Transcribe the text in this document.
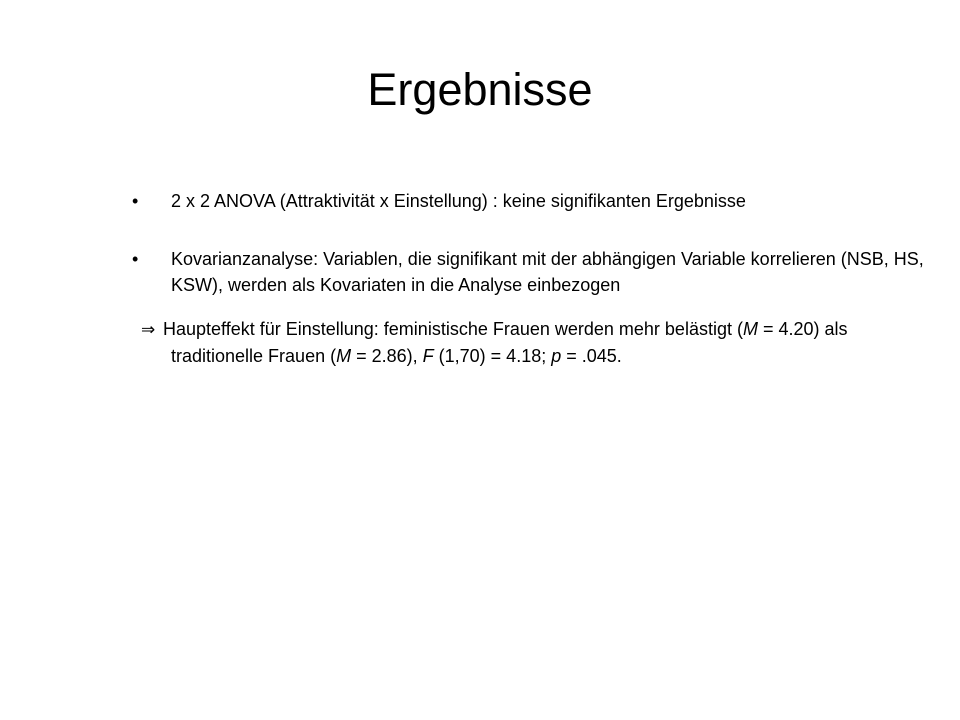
Ergebnisse

•	2 x 2 ANOVA (Attraktivität x Einstellung) : keine signifikanten Ergebnisse

•	Kovarianzanalyse: Variablen, die signifikant mit der abhängigen Variable korrelieren (NSB, HS, KSW), werden als Kovariaten in die Analyse einbezogen

⇒ Haupteffekt für Einstellung: feministische Frauen werden mehr belästigt (M = 4.20) als traditionelle Frauen (M = 2.86), F (1,70) = 4.18; p = .045.
